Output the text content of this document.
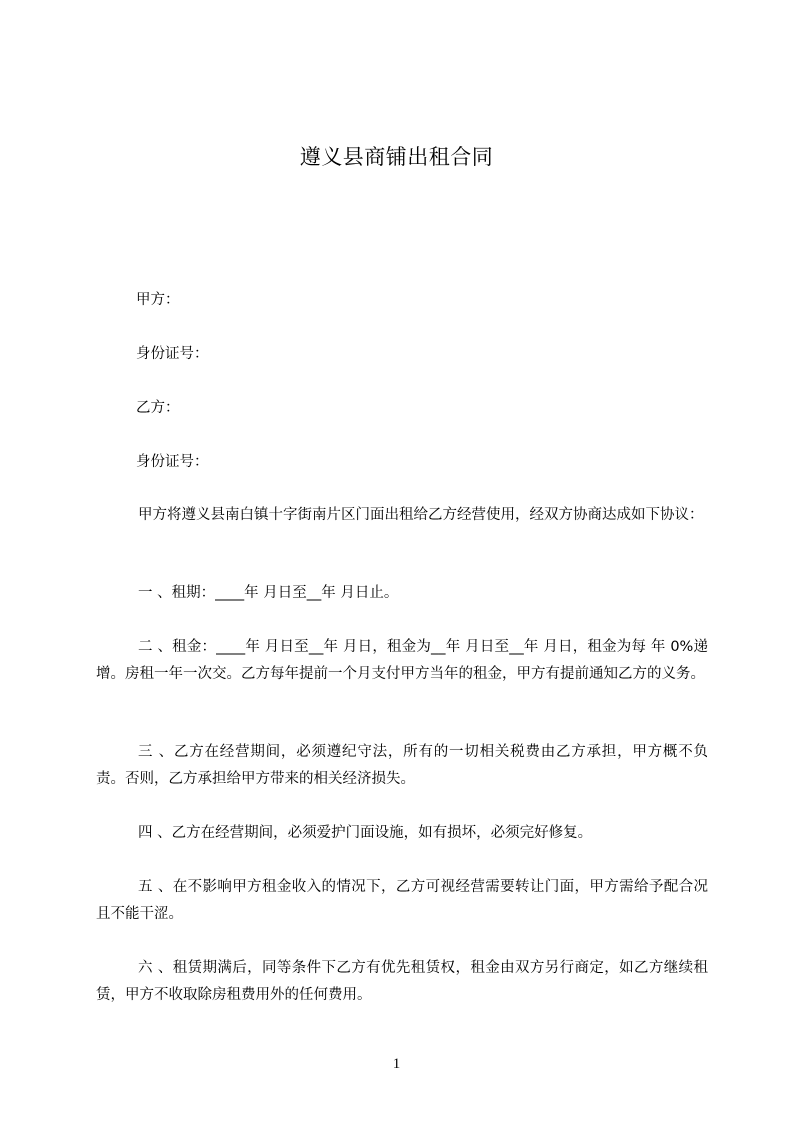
遵义县商铺出租合同
甲方：
身份证号：
乙方：
身份证号：
甲方将遵义县南白镇十字街南片区门面出租给乙方经营使用，经双方协商达成如下协议：
一 、租期：____年 月日至__年 月日止。
二 、租金：____年 月日至__年 月日，租金为__年 月日至__年 月日，租金为每 年 0%递增。房租一年一次交。乙方每年提前一个月支付甲方当年的租金，甲方有提前通知乙方的义务。
三 、乙方在经营期间，必须遵纪守法，所有的一切相关税费由乙方承担，甲方概不负责。否则，乙方承担给甲方带来的相关经济损失。
四 、乙方在经营期间，必须爱护门面设施，如有损坏，必须完好修复。
五 、在不影响甲方租金收入的情况下，乙方可视经营需要转让门面，甲方需给予配合况且不能干涩。
六 、租赁期满后，同等条件下乙方有优先租赁权，租金由双方另行商定，如乙方继续租赁，甲方不收取除房租费用外的任何费用。
1
